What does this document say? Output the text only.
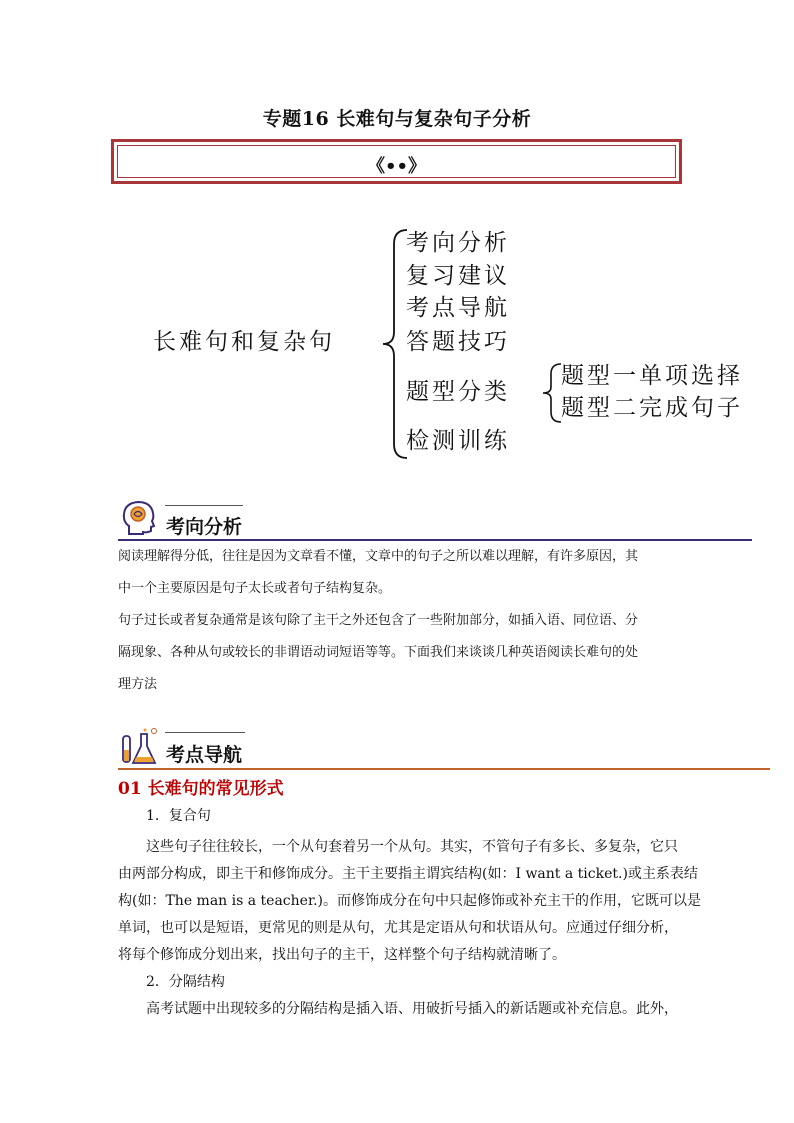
专题16 长难句与复杂句子分析
《••》
长难句和复杂句
考向分析
复习建议
考点导航
答题技巧
题型分类
检测训练
题型一单项选择
题型二完成句子
考向分析
阅读理解得分低，往往是因为文章看不懂，文章中的句子之所以难以理解，有许多原因，其
中一个主要原因是句子太长或者句子结构复杂。
句子过长或者复杂通常是该句除了主干之外还包含了一些附加部分，如插入语、同位语、分
隔现象、各种从句或较长的非谓语动词短语等等。下面我们来谈谈几种英语阅读长难句的处
理方法
考点导航
01 长难句的常见形式
1．复合句
这些句子往往较长，一个从句套着另一个从句。其实，不管句子有多长、多复杂，它只
由两部分构成，即主干和修饰成分。主干主要指主谓宾结构(如：I want a ticket.)或主系表结
构(如：The man is a teacher.)。而修饰成分在句中只起修饰或补充主干的作用，它既可以是
单词，也可以是短语，更常见的则是从句，尤其是定语从句和状语从句。应通过仔细分析，
将每个修饰成分划出来，找出句子的主干，这样整个句子结构就清晰了。
2．分隔结构
高考试题中出现较多的分隔结构是插入语、用破折号插入的新话题或补充信息。此外，
